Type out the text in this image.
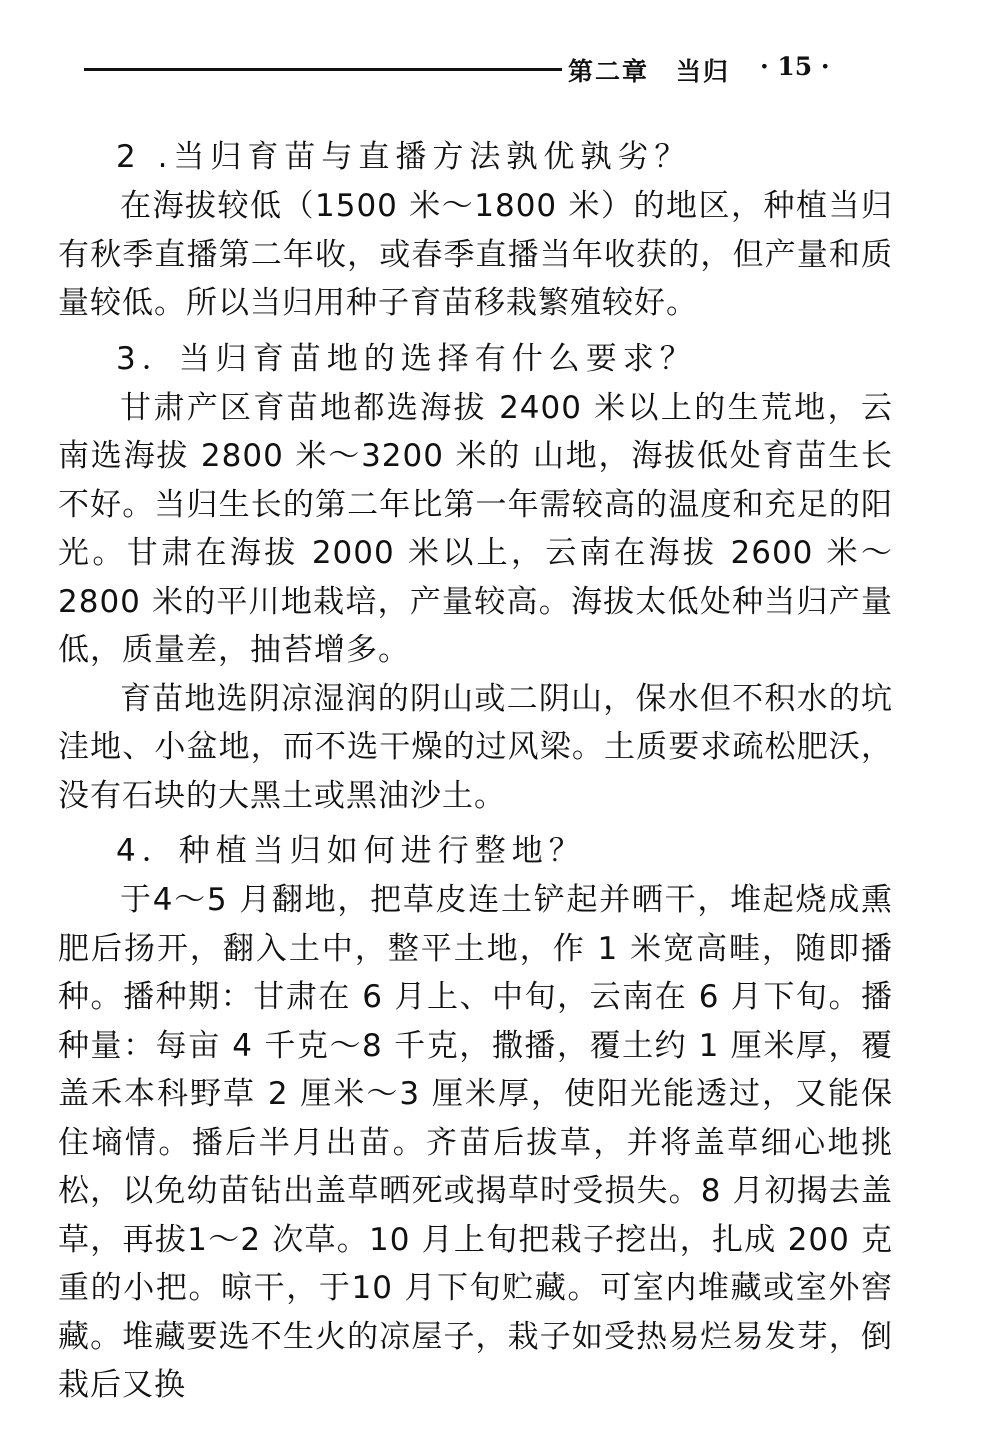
第二章　当归 · 15 ·
2 .当归育苗与直播方法孰优孰劣？

在海拔较低（1500 米～1800 米）的地区，种植当归有秋季直播第二年收，或春季直播当年收获的，但产量和质量较低。所以当归用种子育苗移栽繁殖较好。

3．当归育苗地的选择有什么要求？

甘肃产区育苗地都选海拔 2400 米以上的生荒地，云南选海拔 2800 米～3200 米的 山地，海拔低处育苗生长不好。当归生长的第二年比第一年需较高的温度和充足的阳光。甘肃在海拔 2000 米以上，云南在海拔 2600 米～2800 米的平川地栽培，产量较高。海拔太低处种当归产量低，质量差，抽苔增多。

育苗地选阴凉湿润的阴山或二阴山，保水但不积水的坑洼地、小盆地，而不选干燥的过风梁。土质要求疏松肥沃，没有石块的大黑土或黑油沙土。

4．种植当归如何进行整地？

于4～5 月翻地，把草皮连土铲起并晒干，堆起烧成熏肥后扬开，翻入土中，整平土地，作 1 米宽高畦，随即播种。播种期：甘肃在 6 月上、中旬，云南在 6 月下旬。播种量：每亩 4 千克～8 千克，撒播，覆土约 1 厘米厚，覆盖禾本科野草 2 厘米～3 厘米厚，使阳光能透过，又能保住墒情。播后半月出苗。齐苗后拔草，并将盖草细心地挑松，以免幼苗钻出盖草晒死或揭草时受损失。8 月初揭去盖草，再拔1～2 次草。10 月上旬把栽子挖出，扎成 200 克重的小把。晾干，于10 月下旬贮藏。可室内堆藏或室外窖藏。堆藏要选不生火的凉屋子，栽子如受热易烂易发芽，倒栽后又换
